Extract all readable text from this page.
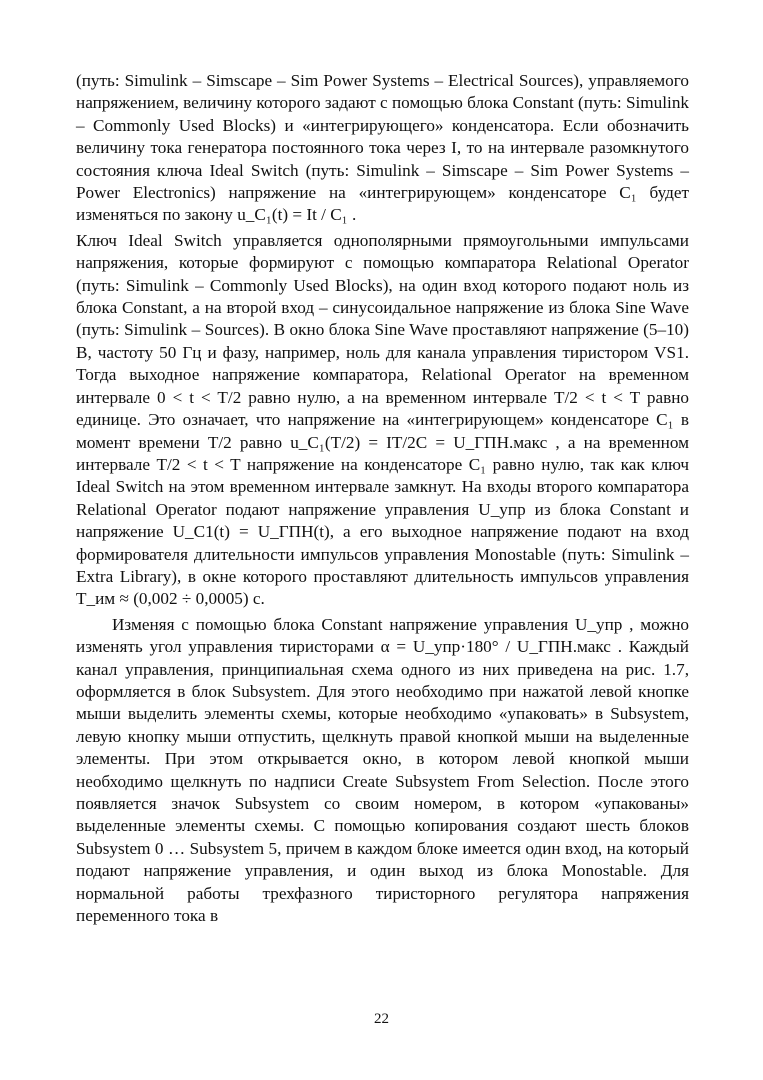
(путь: Simulink – Simscape – Sim Power Systems – Electrical Sources), управляемого напряжением, величину которого задают с помощью блока Constant (путь: Simulink – Commonly Used Blocks) и «интегрирующего» конденсатора. Если обозначить величину тока генератора постоянного тока через I, то на интервале разомкнутого состояния ключа Ideal Switch (путь: Simulink – Simscape – Sim Power Systems – Power Electronics) напряжение на «интегрирующем» конденсаторе C₁ будет изменяться по закону u_C₁(t) = It / C₁ .

Ключ Ideal Switch управляется однополярными прямоугольными импульсами напряжения, которые формируют с помощью компаратора Relational Operator (путь: Simulink – Commonly Used Blocks), на один вход которого подают ноль из блока Constant, а на второй вход – синусоидальное напряжение из блока Sine Wave (путь: Simulink – Sources). В окно блока Sine Wave проставляют напряжение (5–10) В, частоту 50 Гц и фазу, например, ноль для канала управления тиристором VS1. Тогда выходное напряжение компаратора, Relational Operator на временном интервале 0 < t < T/2 равно нулю, а на временном интервале T/2 < t < T равно единице. Это означает, что напряжение на «интегрирующем» конденсаторе C₁ в момент времени T/2 равно u_C₁(T/2) = IT/2C = U_ГПН.макс , а на временном интервале T/2 < t < T напряжение на конденсаторе C₁ равно нулю, так как ключ Ideal Switch на этом временном интервале замкнут. На входы второго компаратора Relational Operator подают напряжение управления U_упр из блока Constant и напряжение U_C1(t) = U_ГПН(t), а его выходное напряжение подают на вход формирователя длительности импульсов управления Monostable (путь: Simulink – Extra Library), в окне которого проставляют длительность импульсов управления T_им ≈ (0,002 ÷ 0,0005) с.

Изменяя с помощью блока Constant напряжение управления U_упр , можно изменять угол управления тиристорами α = U_упр·180° / U_ГПН.макс . Каждый канал управления, принципиальная схема одного из них приведена на рис. 1.7, оформляется в блок Subsystem. Для этого необходимо при нажатой левой кнопке мыши выделить элементы схемы, которые необходимо «упаковать» в Subsystem, левую кнопку мыши отпустить, щелкнуть правой кнопкой мыши на выделенные элементы. При этом открывается окно, в котором левой кнопкой мыши необходимо щелкнуть по надписи Create Subsystem From Selection. После этого появляется значок Subsystem со своим номером, в котором «упакованы» выделенные элементы схемы. С помощью копирования создают шесть блоков Subsystem 0 … Subsystem 5, причем в каждом блоке имеется один вход, на который подают напряжение управления, и один выход из блока Monostable. Для нормальной работы трехфазного тиристорного регулятора напряжения переменного тока в

22
